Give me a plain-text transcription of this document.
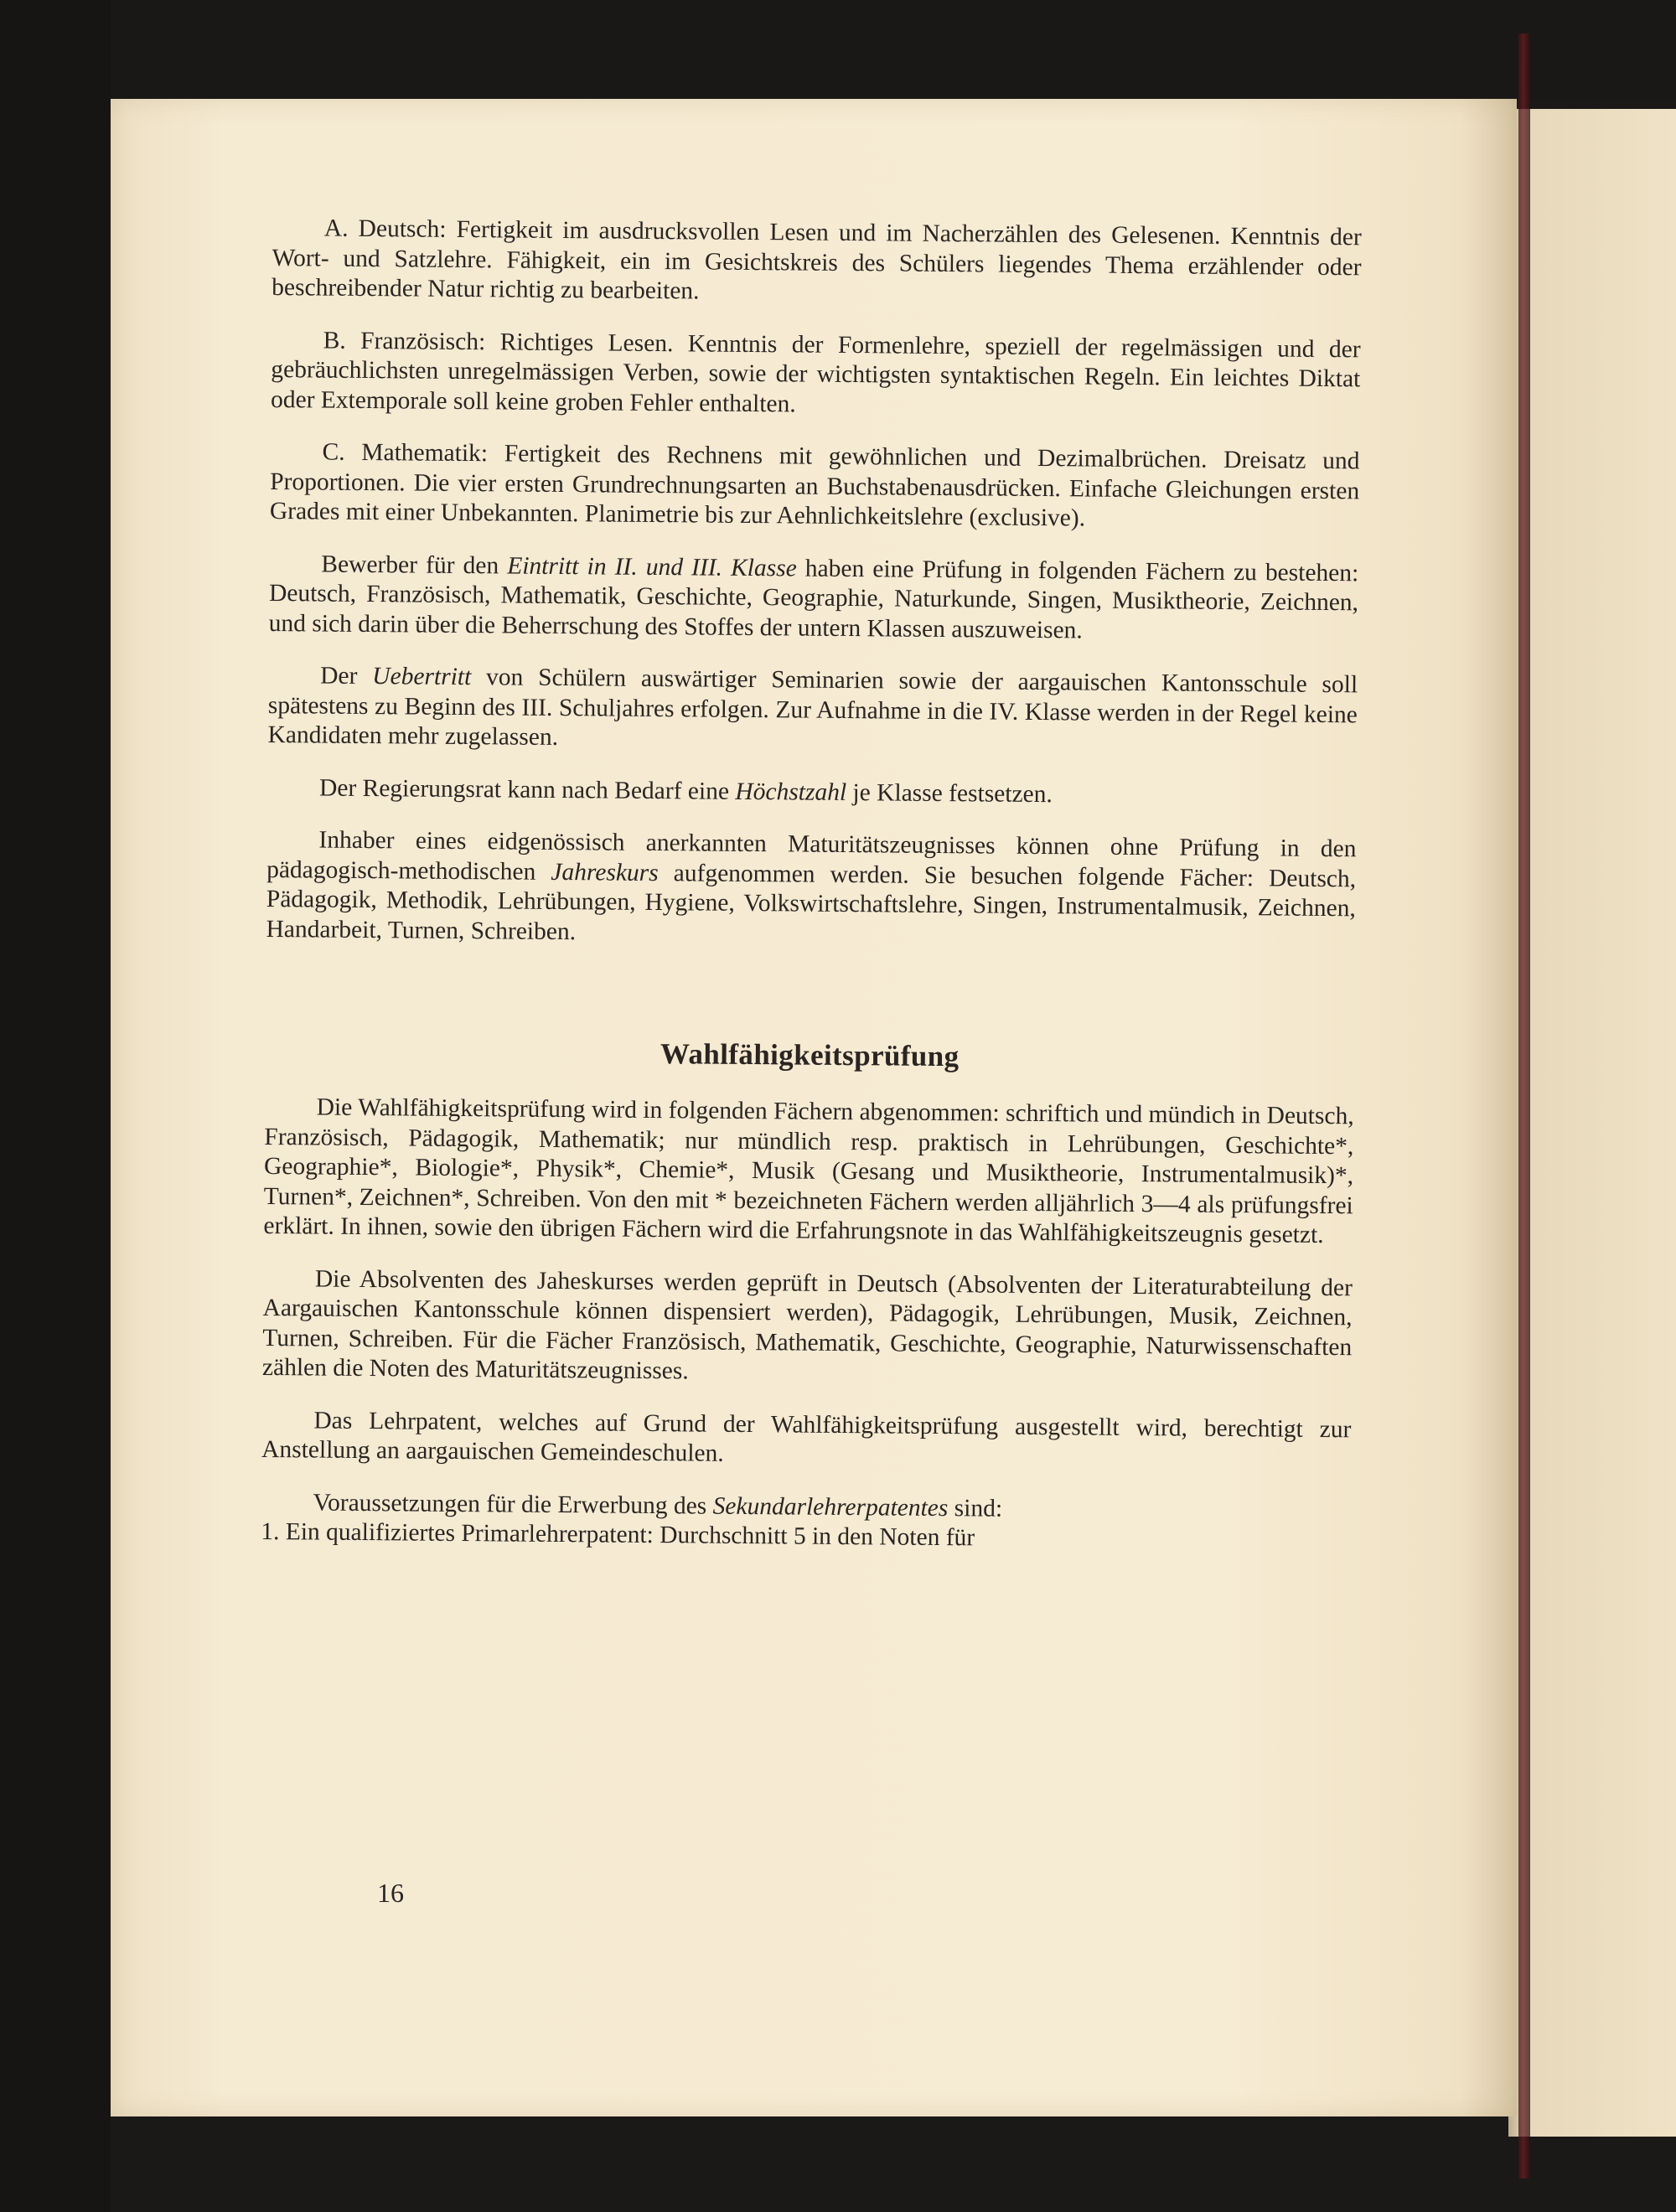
A. Deutsch: Fertigkeit im ausdrucksvollen Lesen und im Nacherzählen des Gelesenen. Kenntnis der Wort- und Satzlehre. Fähigkeit, ein im Gesichtskreis des Schülers liegendes Thema erzählender oder beschreibender Natur richtig zu bearbeiten.

B. Französisch: Richtiges Lesen. Kenntnis der Formenlehre, speziell der regelmässigen und der gebräuchlichsten unregelmässigen Verben, sowie der wichtigsten syntaktischen Regeln. Ein leichtes Diktat oder Extemporale soll keine groben Fehler enthalten.

C. Mathematik: Fertigkeit des Rechnens mit gewöhnlichen und Dezimalbrüchen. Dreisatz und Proportionen. Die vier ersten Grundrechnungsarten an Buchstabenausdrücken. Einfache Gleichungen ersten Grades mit einer Unbekannten. Planimetrie bis zur Aehnlichkeitslehre (exclusive).

Bewerber für den Eintritt in II. und III. Klasse haben eine Prüfung in folgenden Fächern zu bestehen: Deutsch, Französisch, Mathematik, Geschichte, Geographie, Naturkunde, Singen, Musiktheorie, Zeichnen, und sich darin über die Beherrschung des Stoffes der untern Klassen auszuweisen.

Der Uebertritt von Schülern auswärtiger Seminarien sowie der aargauischen Kantonsschule soll spätestens zu Beginn des III. Schuljahres erfolgen. Zur Aufnahme in die IV. Klasse werden in der Regel keine Kandidaten mehr zugelassen.

Der Regierungsrat kann nach Bedarf eine Höchstzahl je Klasse festsetzen.

Inhaber eines eidgenössisch anerkannten Maturitätszeugnisses können ohne Prüfung in den pädagogisch-methodischen Jahreskurs aufgenommen werden. Sie besuchen folgende Fächer: Deutsch, Pädagogik, Methodik, Lehrübungen, Hygiene, Volkswirtschaftslehre, Singen, Instrumentalmusik, Zeichnen, Handarbeit, Turnen, Schreiben.

Wahlfähigkeitsprüfung

Die Wahlfähigkeitsprüfung wird in folgenden Fächern abgenommen: schriftich und mündich in Deutsch, Französisch, Pädagogik, Mathematik; nur mündlich resp. praktisch in Lehrübungen, Geschichte*, Geographie*, Biologie*, Physik*, Chemie*, Musik (Gesang und Musiktheorie, Instrumentalmusik)*, Turnen*, Zeichnen*, Schreiben. Von den mit * bezeichneten Fächern werden alljährlich 3—4 als prüfungsfrei erklärt. In ihnen, sowie den übrigen Fächern wird die Erfahrungsnote in das Wahlfähigkeitszeugnis gesetzt.

Die Absolventen des Jaheskurses werden geprüft in Deutsch (Absolventen der Literaturabteilung der Aargauischen Kantonsschule können dispensiert werden), Pädagogik, Lehrübungen, Musik, Zeichnen, Turnen, Schreiben. Für die Fächer Französisch, Mathematik, Geschichte, Geographie, Naturwissenschaften zählen die Noten des Maturitätszeugnisses.

Das Lehrpatent, welches auf Grund der Wahlfähigkeitsprüfung ausgestellt wird, berechtigt zur Anstellung an aargauischen Gemeindeschulen.

Voraussetzungen für die Erwerbung des Sekundarlehrerpatentes sind:
1. Ein qualifiziertes Primarlehrerpatent: Durchschnitt 5 in den Noten für

16
